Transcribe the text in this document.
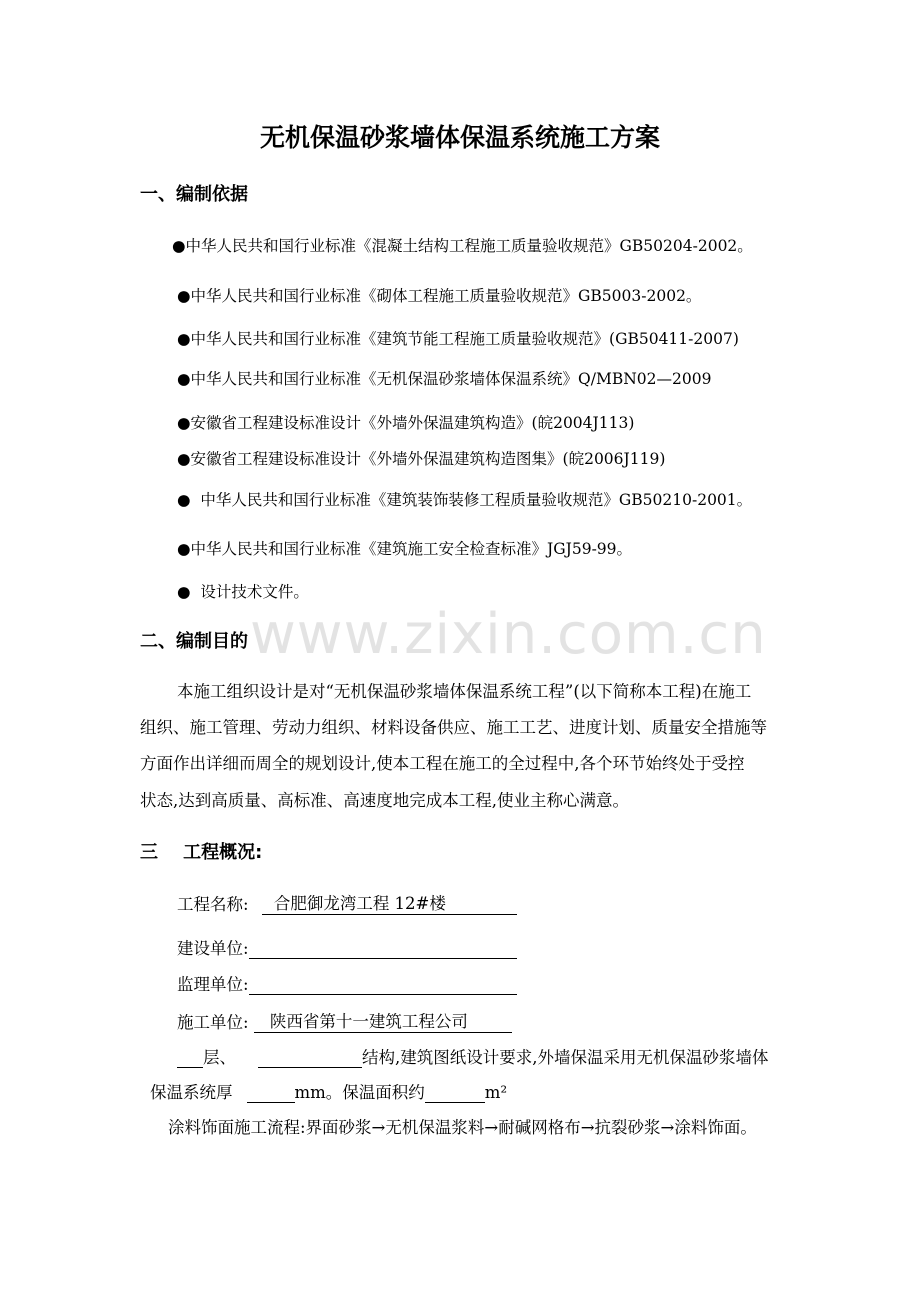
www.zixin.com.cn
无机保温砂浆墙体保温系统施工方案
一、编制依据
●中华人民共和国行业标准《混凝土结构工程施工质量验收规范》GB50204-2002。
●中华人民共和国行业标准《砌体工程施工质量验收规范》GB5003-2002。
●中华人民共和国行业标准《建筑节能工程施工质量验收规范》(GB50411-2007)
●中华人民共和国行业标准《无机保温砂浆墙体保温系统》Q/MBN02—2009
●安徽省工程建设标准设计《外墙外保温建筑构造》(皖2004J113)
●安徽省工程建设标准设计《外墙外保温建筑构造图集》(皖2006J119)
● 中华人民共和国行业标准《建筑装饰装修工程质量验收规范》GB50210-2001。
●中华人民共和国行业标准《建筑施工安全检查标准》JGJ59-99。
● 设计技术文件。
二、编制目的
本施工组织设计是对“无机保温砂浆墙体保温系统工程”(以下简称本工程)在施工
组织、施工管理、劳动力组织、材料设备供应、施工工艺、进度计划、质量安全措施等
方面作出详细而周全的规划设计,使本工程在施工的全过程中,各个环节始终处于受控
状态,达到高质量、高标准、高速度地完成本工程,使业主称心满意。
三    工程概况:
工程名称: 合肥御龙湾工程 12#楼
建设单位:
监理单位:
施工单位: 陕西省第十一建筑工程公司
层、	结构,建筑图纸设计要求,外墙保温采用无机保温砂浆墙体
保温系统厚	mm。保温面积约	m²
涂料饰面施工流程:界面砂浆→无机保温浆料→耐碱网格布→抗裂砂浆→涂料饰面。
